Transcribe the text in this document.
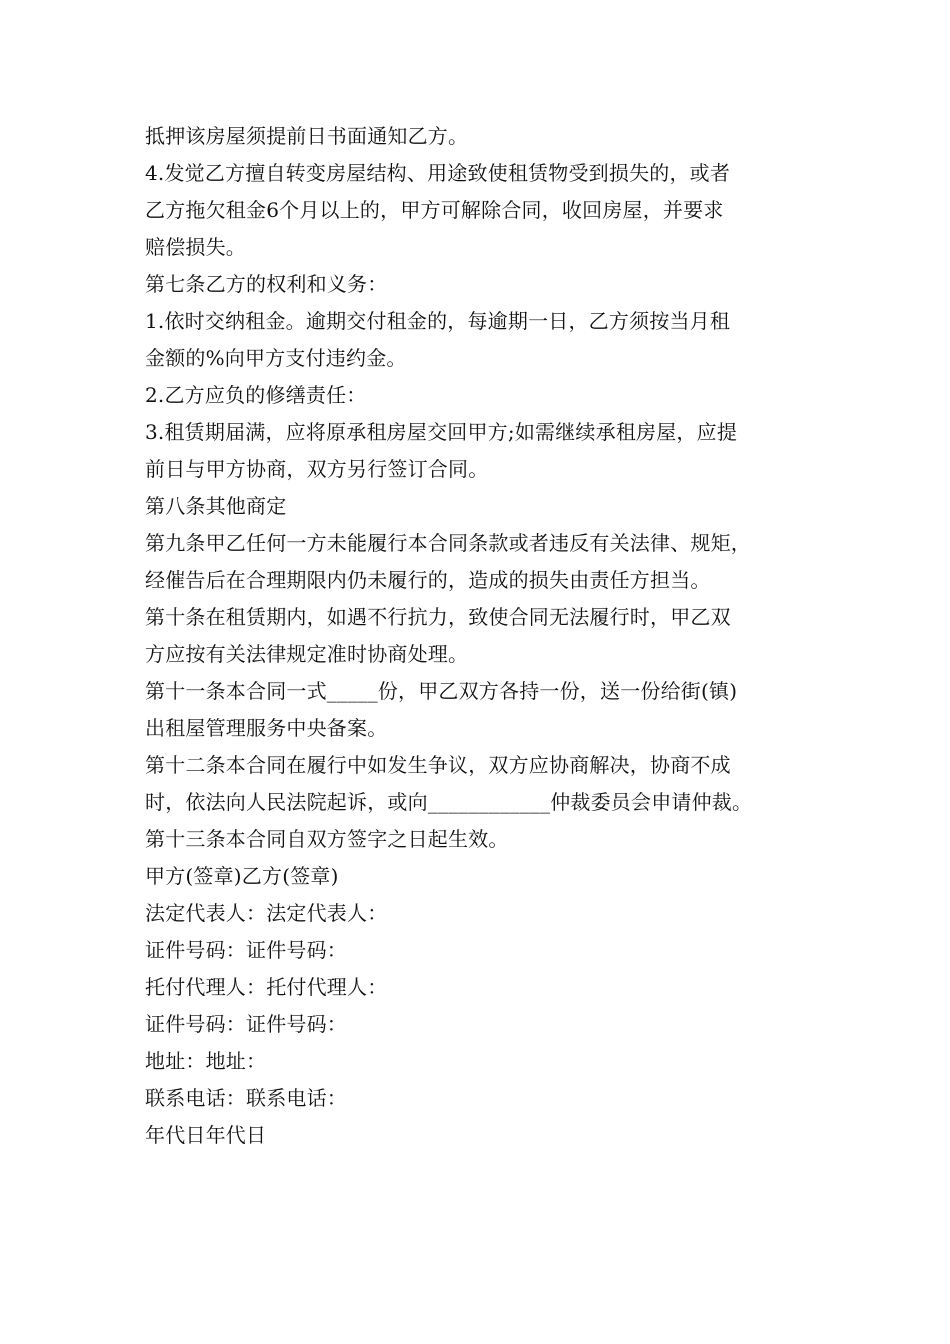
抵押该房屋须提前日书面通知乙方。
4.发觉乙方擅自转变房屋结构、用途致使租赁物受到损失的，或者
乙方拖欠租金6个月以上的，甲方可解除合同，收回房屋，并要求
赔偿损失。
第七条乙方的权利和义务：
1.依时交纳租金。逾期交付租金的，每逾期一日，乙方须按当月租
金额的%向甲方支付违约金。
2.乙方应负的修缮责任：
3.租赁期届满，应将原承租房屋交回甲方;如需继续承租房屋，应提
前日与甲方协商，双方另行签订合同。
第八条其他商定
第九条甲乙任何一方未能履行本合同条款或者违反有关法律、规矩，
经催告后在合理期限内仍未履行的，造成的损失由责任方担当。
第十条在租赁期内，如遇不行抗力，致使合同无法履行时，甲乙双
方应按有关法律规定准时协商处理。
第十一条本合同一式_____份，甲乙双方各持一份，送一份给街(镇)
出租屋管理服务中央备案。
第十二条本合同在履行中如发生争议，双方应协商解决，协商不成
时，依法向人民法院起诉，或向____________仲裁委员会申请仲裁。
第十三条本合同自双方签字之日起生效。
甲方(签章)乙方(签章)
法定代表人：法定代表人：
证件号码：证件号码：
托付代理人：托付代理人：
证件号码：证件号码：
地址：地址：
联系电话：联系电话：
年代日年代日
